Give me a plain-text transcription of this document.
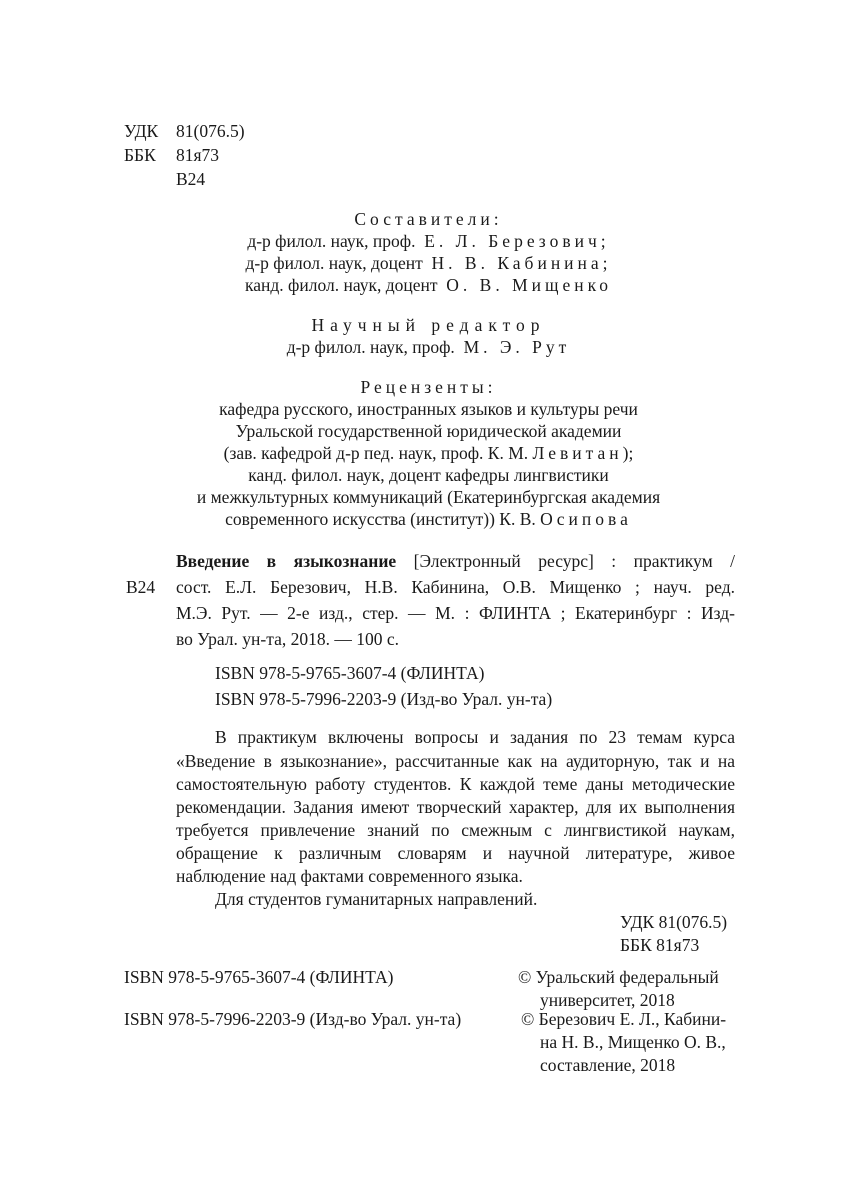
УДК 81(076.5)
ББК 81я73
В24
Составители:
д-р филол. наук, проф. Е. Л. Березович;
д-р филол. наук, доцент Н. В. Кабинина;
канд. филол. наук, доцент О. В. Мищенко
Научный редактор
д-р филол. наук, проф. М. Э. Рут
Рецензенты:
кафедра русского, иностранных языков и культуры речи
Уральской государственной юридической академии
(зав. кафедрой д-р пед. наук, проф. К. М. Левитан);
канд. филол. наук, доцент кафедры лингвистики
и межкультурных коммуникаций (Екатеринбургская академия
современного искусства (институт)) К. В. Осипова
Введение в языкознание [Электронный ресурс] : практикум /
В24 сост. Е.Л. Березович, Н.В. Кабинина, О.В. Мищенко ; науч. ред.
М.Э. Рут. — 2-е изд., стер. — М. : ФЛИНТА ; Екатеринбург : Изд-
во Урал. ун-та, 2018. — 100 с.
ISBN 978-5-9765-3607-4 (ФЛИНТА)
ISBN 978-5-7996-2203-9 (Изд-во Урал. ун-та)
В практикум включены вопросы и задания по 23 темам курса
«Введение в языкознание», рассчитанные как на аудиторную, так и на
самостоятельную работу студентов. К каждой теме даны методические
рекомендации. Задания имеют творческий характер, для их выполнения
требуется привлечение знаний по смежным с лингвистикой наукам,
обращение к различным словарям и научной литературе, живое
наблюдение над фактами современного языка.
Для студентов гуманитарных направлений.
УДК 81(076.5)
ББК 81я73
ISBN 978-5-9765-3607-4 (ФЛИНТА)	© Уральский федеральный
университет, 2018
ISBN 978-5-7996-2203-9 (Изд-во Урал. ун-та)	© Березович Е. Л., Кабини-
на Н. В., Мищенко О. В.,
составление, 2018
